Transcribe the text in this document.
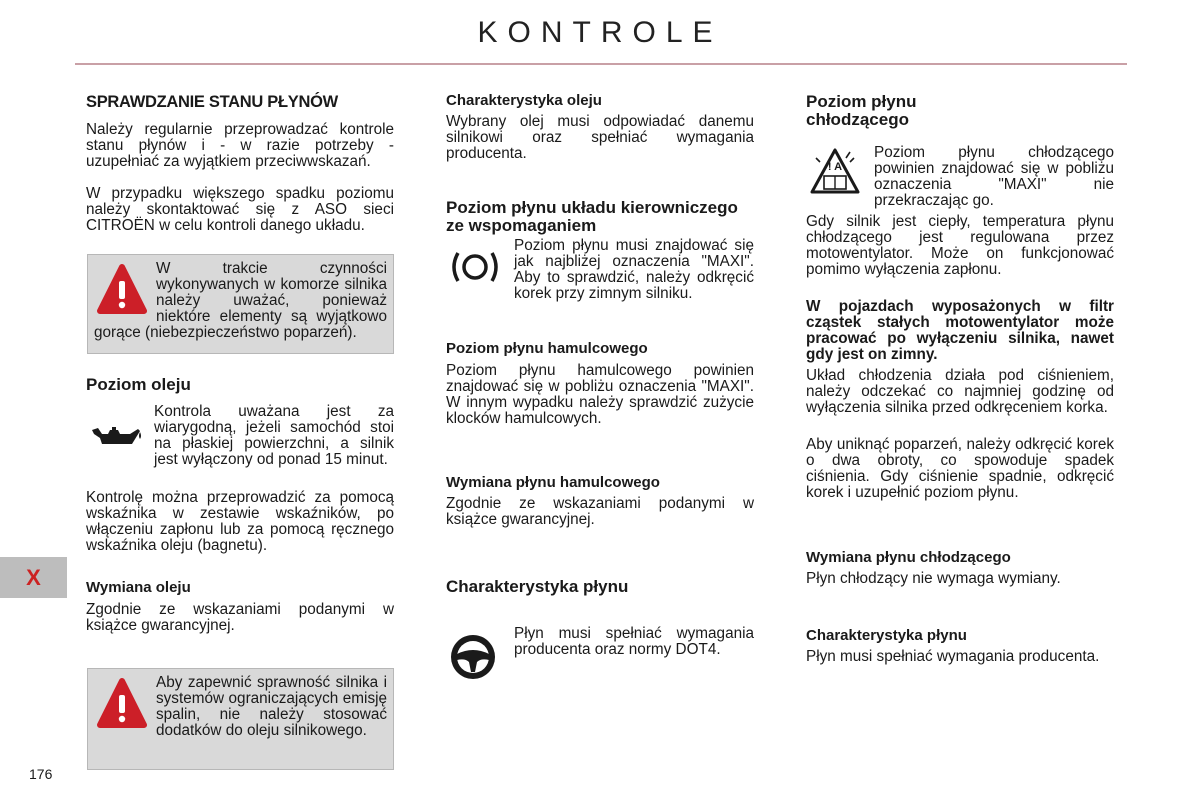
KONTROLE
X
176
SPRAWDZANIE STANU PŁYNÓW
Należy regularnie przeprowadzać kontrole stanu płynów i - w razie potrzeby - uzupełniać za wyjątkiem przeciwwskazań.
W przypadku większego spadku poziomu należy skontaktować się z ASO sieci CITROËN w celu kontroli danego układu.
W trakcie czynności wykonywanych w komorze silnika należy uważać, ponieważ niektóre elementy są wyjątkowo gorące (niebezpieczeństwo poparzeń).
Poziom oleju
Kontrola uważana jest za wiarygodną, jeżeli samochód stoi na płaskiej powierzchni, a silnik jest wyłączony od ponad 15 minut.
Kontrolę można przeprowadzić za pomocą wskaźnika w zestawie wskaźników, po włączeniu zapłonu lub za pomocą ręcznego wskaźnika oleju (bagnetu).
Wymiana oleju
Zgodnie ze wskazaniami podanymi w książce gwarancyjnej.
Aby zapewnić sprawność silnika i systemów ograniczających emisję spalin, nie należy stosować dodatków do oleju silnikowego.
Charakterystyka oleju
Wybrany olej musi odpowiadać danemu silnikowi oraz spełniać wymagania producenta.
Poziom płynu układu kierowniczego ze wspomaganiem
Poziom płynu musi znajdować się jak najbliżej oznaczenia "MAXI". Aby to sprawdzić, należy odkręcić korek przy zimnym silniku.
Poziom płynu hamulcowego
Poziom płynu hamulcowego powinien znajdować się w pobliżu oznaczenia "MAXI". W innym wypadku należy sprawdzić zużycie klocków hamulcowych.
Wymiana płynu hamulcowego
Zgodnie ze wskazaniami podanymi w książce gwarancyjnej.
Charakterystyka płynu
Płyn musi spełniać wymagania producenta oraz normy DOT4.
Poziom płynu chłodzącego
! A
Poziom płynu chłodzącego powinien znajdować się w pobliżu oznaczenia "MAXI" nie przekraczając go.
Gdy silnik jest ciepły, temperatura płynu chłodzącego jest regulowana przez motowentylator. Może on funkcjonować pomimo wyłączenia zapłonu.
W pojazdach wyposażonych w filtr cząstek stałych motowentylator może pracować po wyłączeniu silnika, nawet gdy jest on zimny.
Układ chłodzenia działa pod ciśnieniem, należy odczekać co najmniej godzinę od wyłączenia silnika przed odkręceniem korka.
Aby uniknąć poparzeń, należy odkręcić korek o dwa obroty, co spowoduje spadek ciśnienia. Gdy ciśnienie spadnie, odkręcić korek i uzupełnić poziom płynu.
Wymiana płynu chłodzącego
Płyn chłodzący nie wymaga wymiany.
Charakterystyka płynu
Płyn musi spełniać wymagania producenta.
